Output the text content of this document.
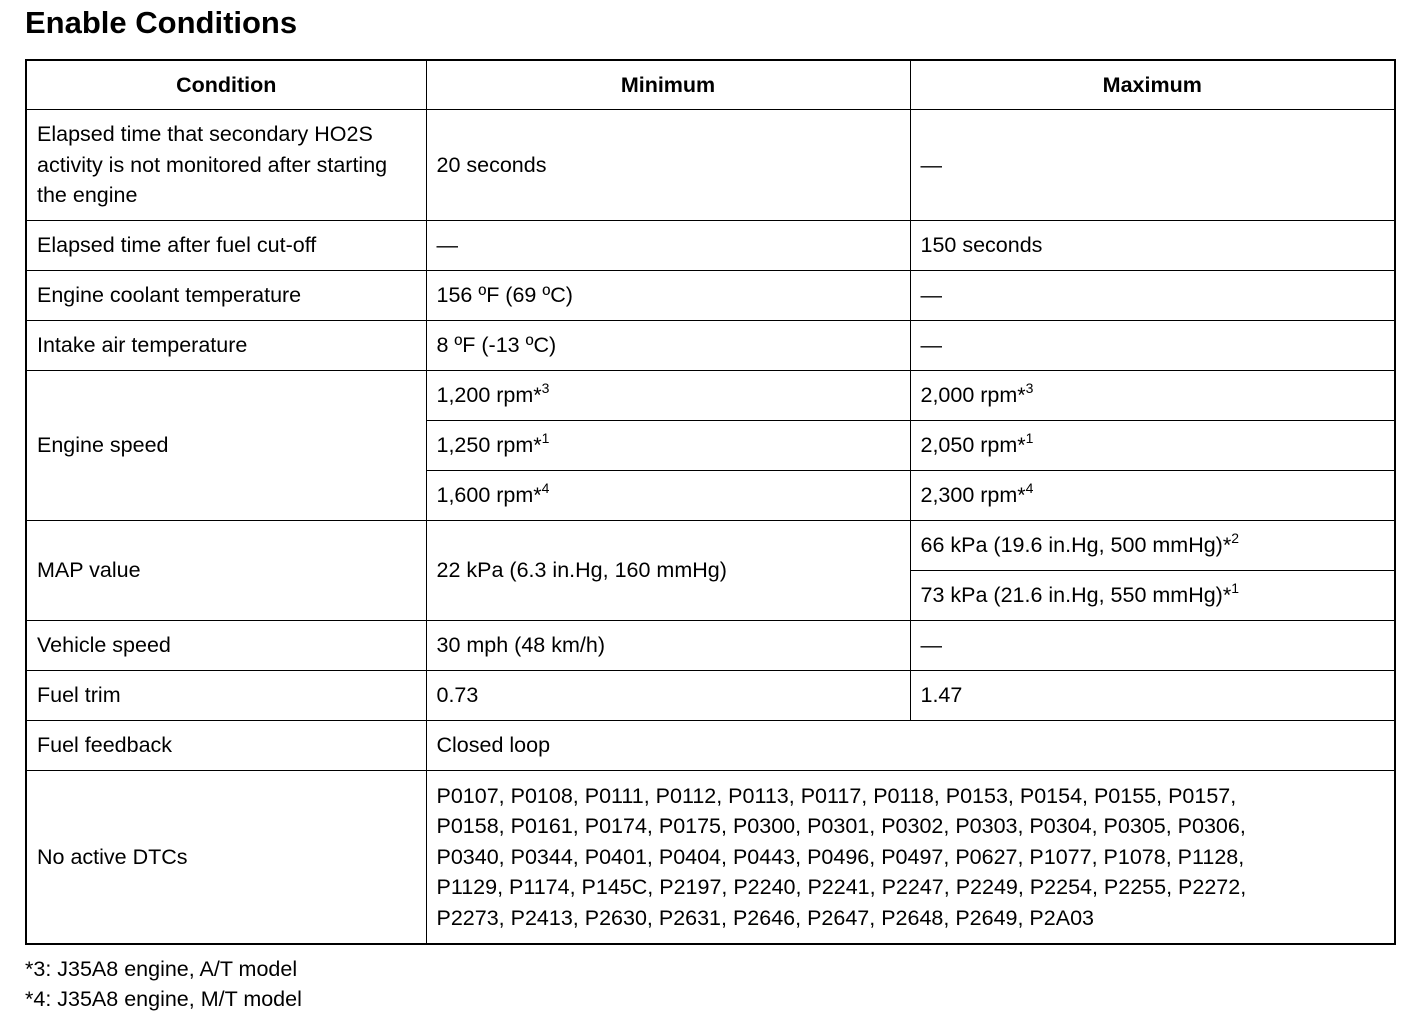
Enable Conditions
Condition	Minimum	Maximum
Elapsed time that secondary HO2S activity is not monitored after starting the engine	20 seconds	—
Elapsed time after fuel cut-off	—	150 seconds
Engine coolant temperature	156 ºF (69 ºC)	—
Intake air temperature	8 ºF (-13 ºC)	—
Engine speed	1,200 rpm*$^3$	2,000 rpm*$^3$
	1,250 rpm*$^1$	2,050 rpm*$^1$
	1,600 rpm*$^4$	2,300 rpm*$^4$
MAP value	22 kPa (6.3 in.Hg, 160 mmHg)	66 kPa (19.6 in.Hg, 500 mmHg)*$^2$
		73 kPa (21.6 in.Hg, 550 mmHg)*$^1$
Vehicle speed	30 mph (48 km/h)	—
Fuel trim	0.73	1.47
Fuel feedback	Closed loop	
No active DTCs	P0107, P0108, P0111, P0112, P0113, P0117, P0118, P0153, P0154, P0155, P0157,
P0158, P0161, P0174, P0175, P0300, P0301, P0302, P0303, P0304, P0305, P0306,
P0340, P0344, P0401, P0404, P0443, P0496, P0497, P0627, P1077, P1078, P1128,
P1129, P1174, P145C, P2197, P2240, P2241, P2247, P2249, P2254, P2255, P2272,
P2273, P2413, P2630, P2631, P2646, P2647, P2648, P2649, P2A03	
*3: J35A8 engine, A/T model
*4: J35A8 engine, M/T model
